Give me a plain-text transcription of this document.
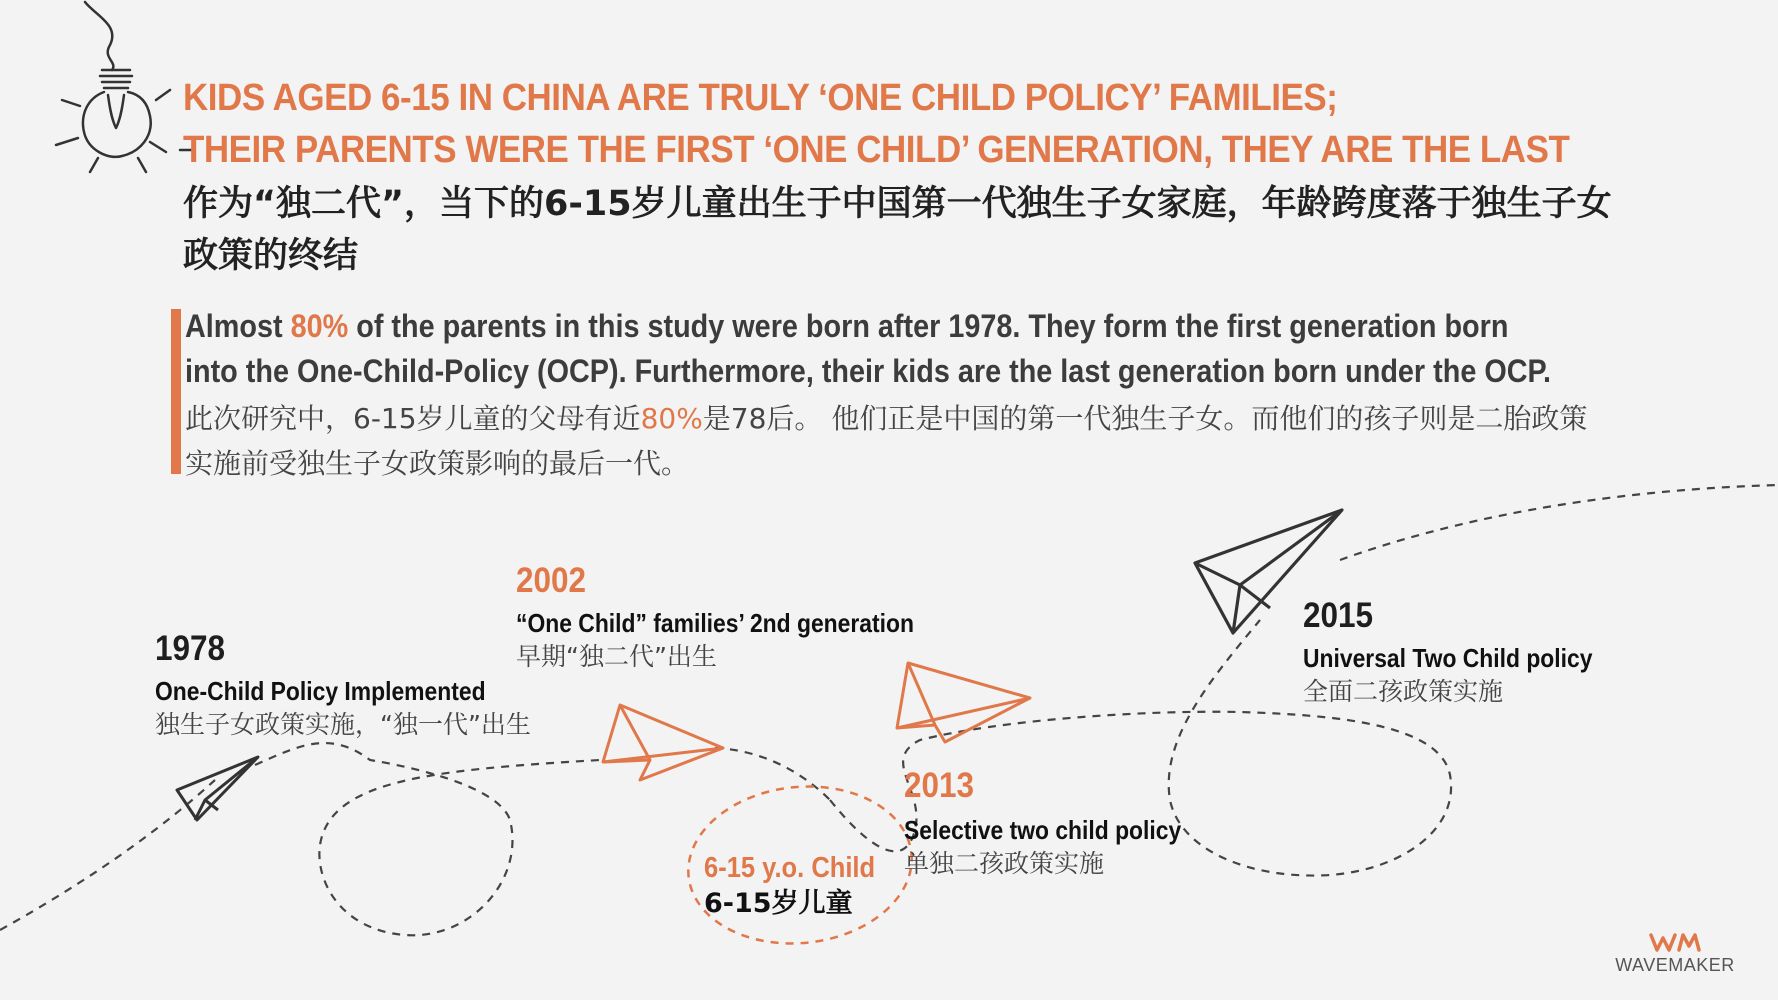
KIDS AGED 6-15 IN CHINA ARE TRULY ‘ONE CHILD POLICY’ FAMILIES;
THEIR PARENTS WERE THE FIRST ‘ONE CHILD’ GENERATION, THEY ARE THE LAST
作为“独二代”，当下的6-15岁儿童出生于中国第一代独生子女家庭，年龄跨度落于独生子女政策的终结
Almost 80% of the parents in this study were born after 1978. They form the first generation born into the One-Child-Policy (OCP). Furthermore, their kids are the last generation born under the OCP.
此次研究中，6-15岁儿童的父母有近80%是78后。 他们正是中国的第一代独生子女。而他们的孩子则是二胎政策实施前受独生子女政策影响的最后一代。
1978
One-Child Policy Implemented
独生子女政策实施，“独一代”出生
2002
“One Child” families’ 2nd generation
早期“独二代”出生
2013
Selective two child policy
单独二孩政策实施
2015
Universal Two Child policy
全面二孩政策实施
6-15 y.o. Child
6-15岁儿童
WAVEMAKER
